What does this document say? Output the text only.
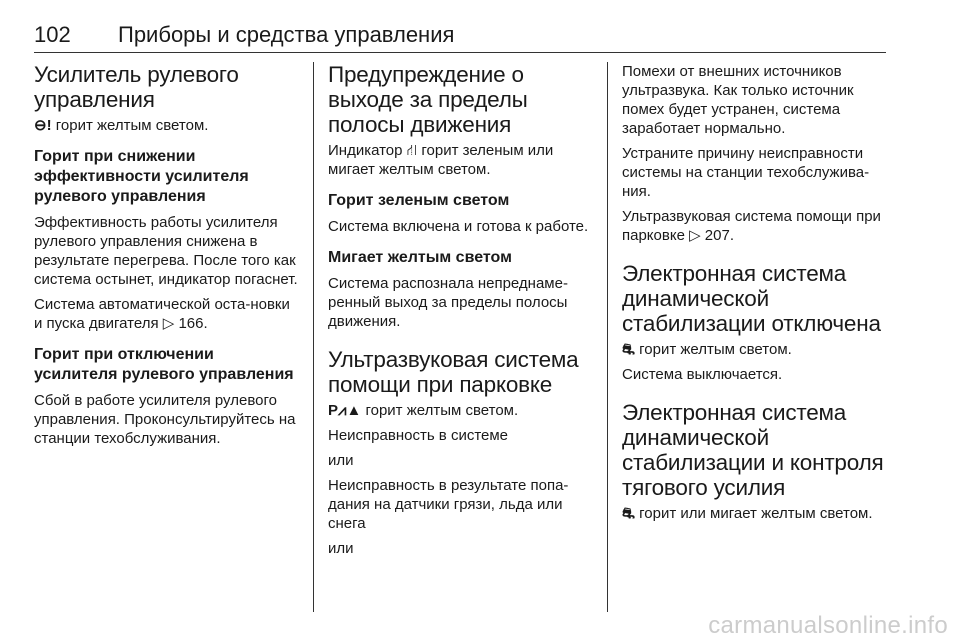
102 Приборы и средства управления
Усилитель рулевого управления

⊖! горит желтым светом.

Горит при снижении эффективности усилителя рулевого управления

Эффективность работы усилителя рулевого управления снижена в результате перегрева. После того как система остынет, индикатор погаснет.

Система автоматической оста-новки и пуска двигателя ▷ 166.

Горит при отключении усилителя рулевого управления

Сбой в работе усилителя рулевого управления. Проконсультируйтесь на станции техобслуживания.

Предупреждение о выходе за пределы полосы движения

Индикатор ⛙ горит зеленым или мигает желтым светом.

Горит зеленым светом

Система включена и готова к работе.

Мигает желтым светом

Система распознала непреднаме-ренный выход за пределы полосы движения.

Ультразвуковая система помощи при парковке

P⩘▲ горит желтым светом.

Неисправность в системе

или

Неисправность в результате попа-дания на датчики грязи, льда или снега

или

Помехи от внешних источников ультразвука. Как только источник помех будет устранен, система заработает нормально.

Устраните причину неисправности системы на станции техобслужива-ния.

Ультразвуковая система помощи при парковке ▷ 207.

Электронная система динамической стабилизации отключена

⛐ горит желтым светом.

Система выключается.

Электронная система динамической стабилизации и контроля тягового усилия

⛐ горит или мигает желтым светом.

carmanualsonline.info
